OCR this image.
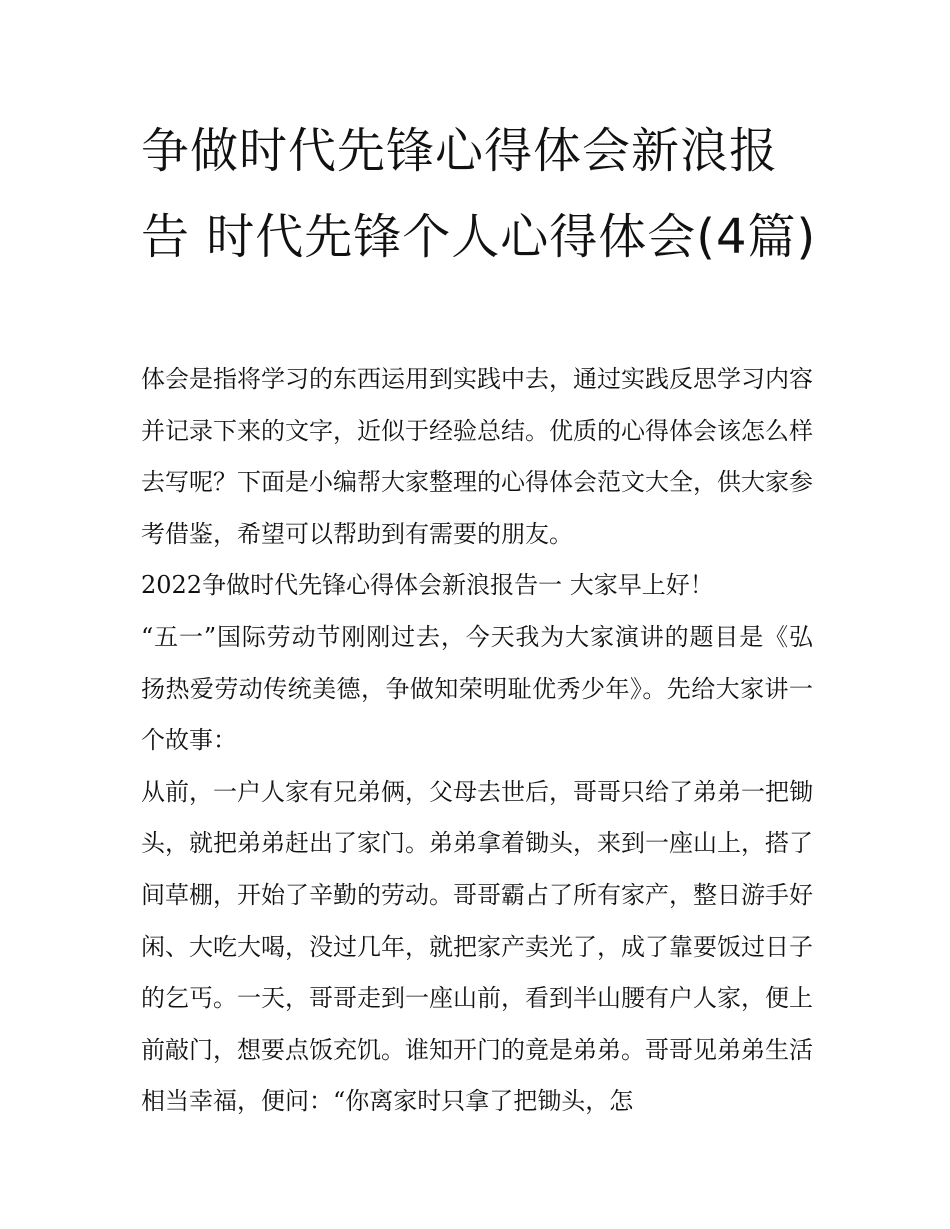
争做时代先锋心得体会新浪报告 时代先锋个人心得体会(4篇)

体会是指将学习的东西运用到实践中去，通过实践反思学习内容并记录下来的文字，近似于经验总结。优质的心得体会该怎么样去写呢？下面是小编帮大家整理的心得体会范文大全，供大家参考借鉴，希望可以帮助到有需要的朋友。

2022争做时代先锋心得体会新浪报告一 大家早上好！

“五一”国际劳动节刚刚过去，今天我为大家演讲的题目是《弘扬热爱劳动传统美德，争做知荣明耻优秀少年》。先给大家讲一个故事：

从前，一户人家有兄弟俩，父母去世后，哥哥只给了弟弟一把锄头，就把弟弟赶出了家门。弟弟拿着锄头，来到一座山上，搭了间草棚，开始了辛勤的劳动。哥哥霸占了所有家产，整日游手好闲、大吃大喝，没过几年，就把家产卖光了，成了靠要饭过日子的乞丐。一天，哥哥走到一座山前，看到半山腰有户人家，便上前敲门，想要点饭充饥。谁知开门的竟是弟弟。哥哥见弟弟生活相当幸福，便问：“你离家时只拿了把锄头，怎
